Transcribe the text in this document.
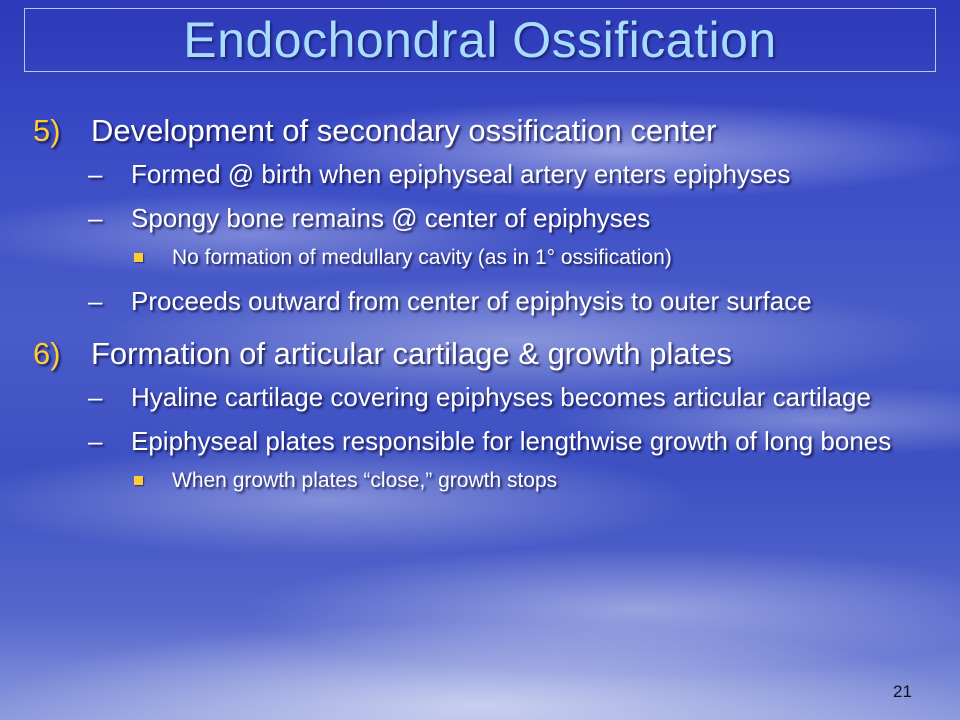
Endochondral Ossification
5) Development of secondary ossification center
– Formed @ birth when epiphyseal artery enters epiphyses
– Spongy bone remains @ center of epiphyses
No formation of medullary cavity (as in 1° ossification)
– Proceeds outward from center of epiphysis to outer surface
6) Formation of articular cartilage & growth plates
– Hyaline cartilage covering epiphyses becomes articular cartilage
– Epiphyseal plates responsible for lengthwise growth of long bones
When growth plates “close,” growth stops
21
